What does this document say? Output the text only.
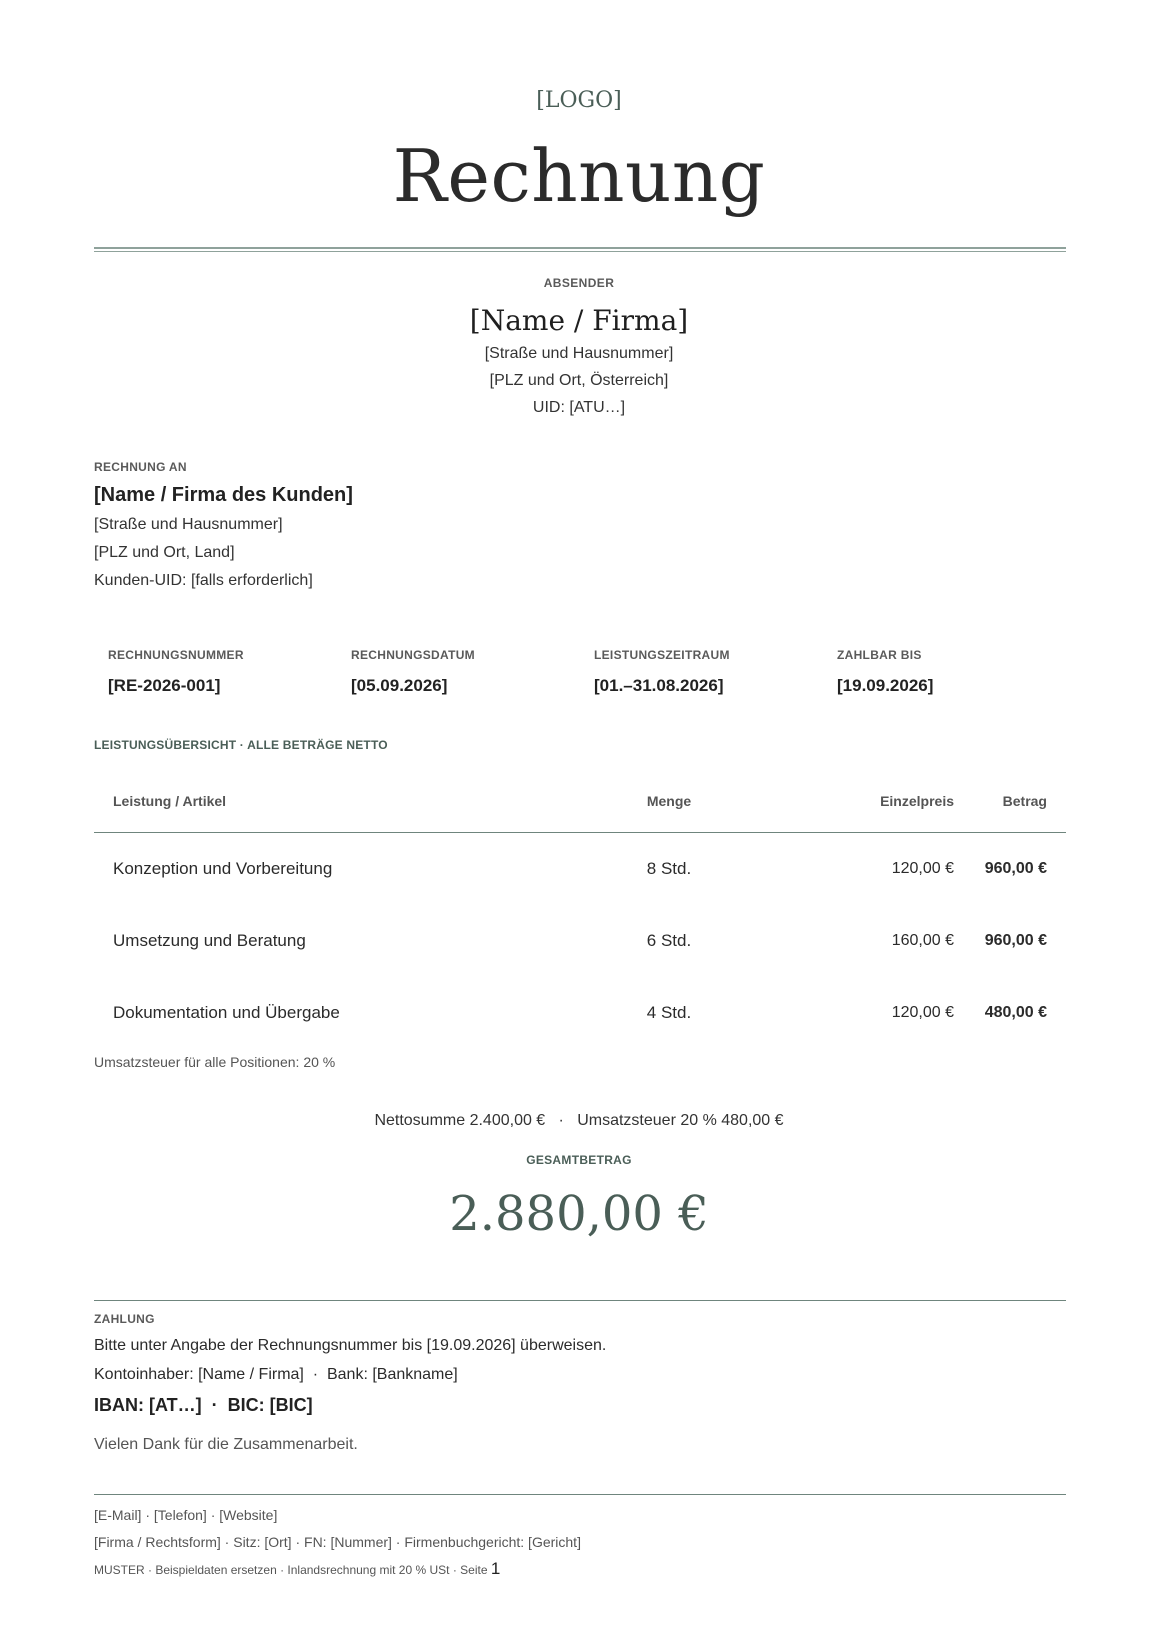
[LOGO]
Rechnung
ABSENDER
[Name / Firma]
[Straße und Hausnummer]
[PLZ und Ort, Österreich]
UID: [ATU…]
RECHNUNG AN
[Name / Firma des Kunden]
[Straße und Hausnummer]
[PLZ und Ort, Land]
Kunden-UID: [falls erforderlich]
RECHNUNGSNUMMER
[RE-2026-001]
RECHNUNGSDATUM
[05.09.2026]
LEISTUNGSZEITRAUM
[01.–31.08.2026]
ZAHLBAR BIS
[19.09.2026]
LEISTUNGSÜBERSICHT · ALLE BETRÄGE NETTO
Leistung / Artikel	Menge	Einzelpreis	Betrag
Konzeption und Vorbereitung	8 Std.	120,00 €	960,00 €
Umsetzung und Beratung	6 Std.	160,00 €	960,00 €
Dokumentation und Übergabe	4 Std.	120,00 €	480,00 €
Umsatzsteuer für alle Positionen: 20 %
Nettosumme 2.400,00 €   ·   Umsatzsteuer 20 % 480,00 €
GESAMTBETRAG
2.880,00 €
ZAHLUNG
Bitte unter Angabe der Rechnungsnummer bis [19.09.2026] überweisen.
Kontoinhaber: [Name / Firma]  ·  Bank: [Bankname]
IBAN: [AT…]  ·  BIC: [BIC]
Vielen Dank für die Zusammenarbeit.
[E-Mail] · [Telefon] · [Website]
[Firma / Rechtsform] · Sitz: [Ort] · FN: [Nummer] · Firmenbuchgericht: [Gericht]
MUSTER · Beispieldaten ersetzen · Inlandsrechnung mit 20 % USt · Seite 1
